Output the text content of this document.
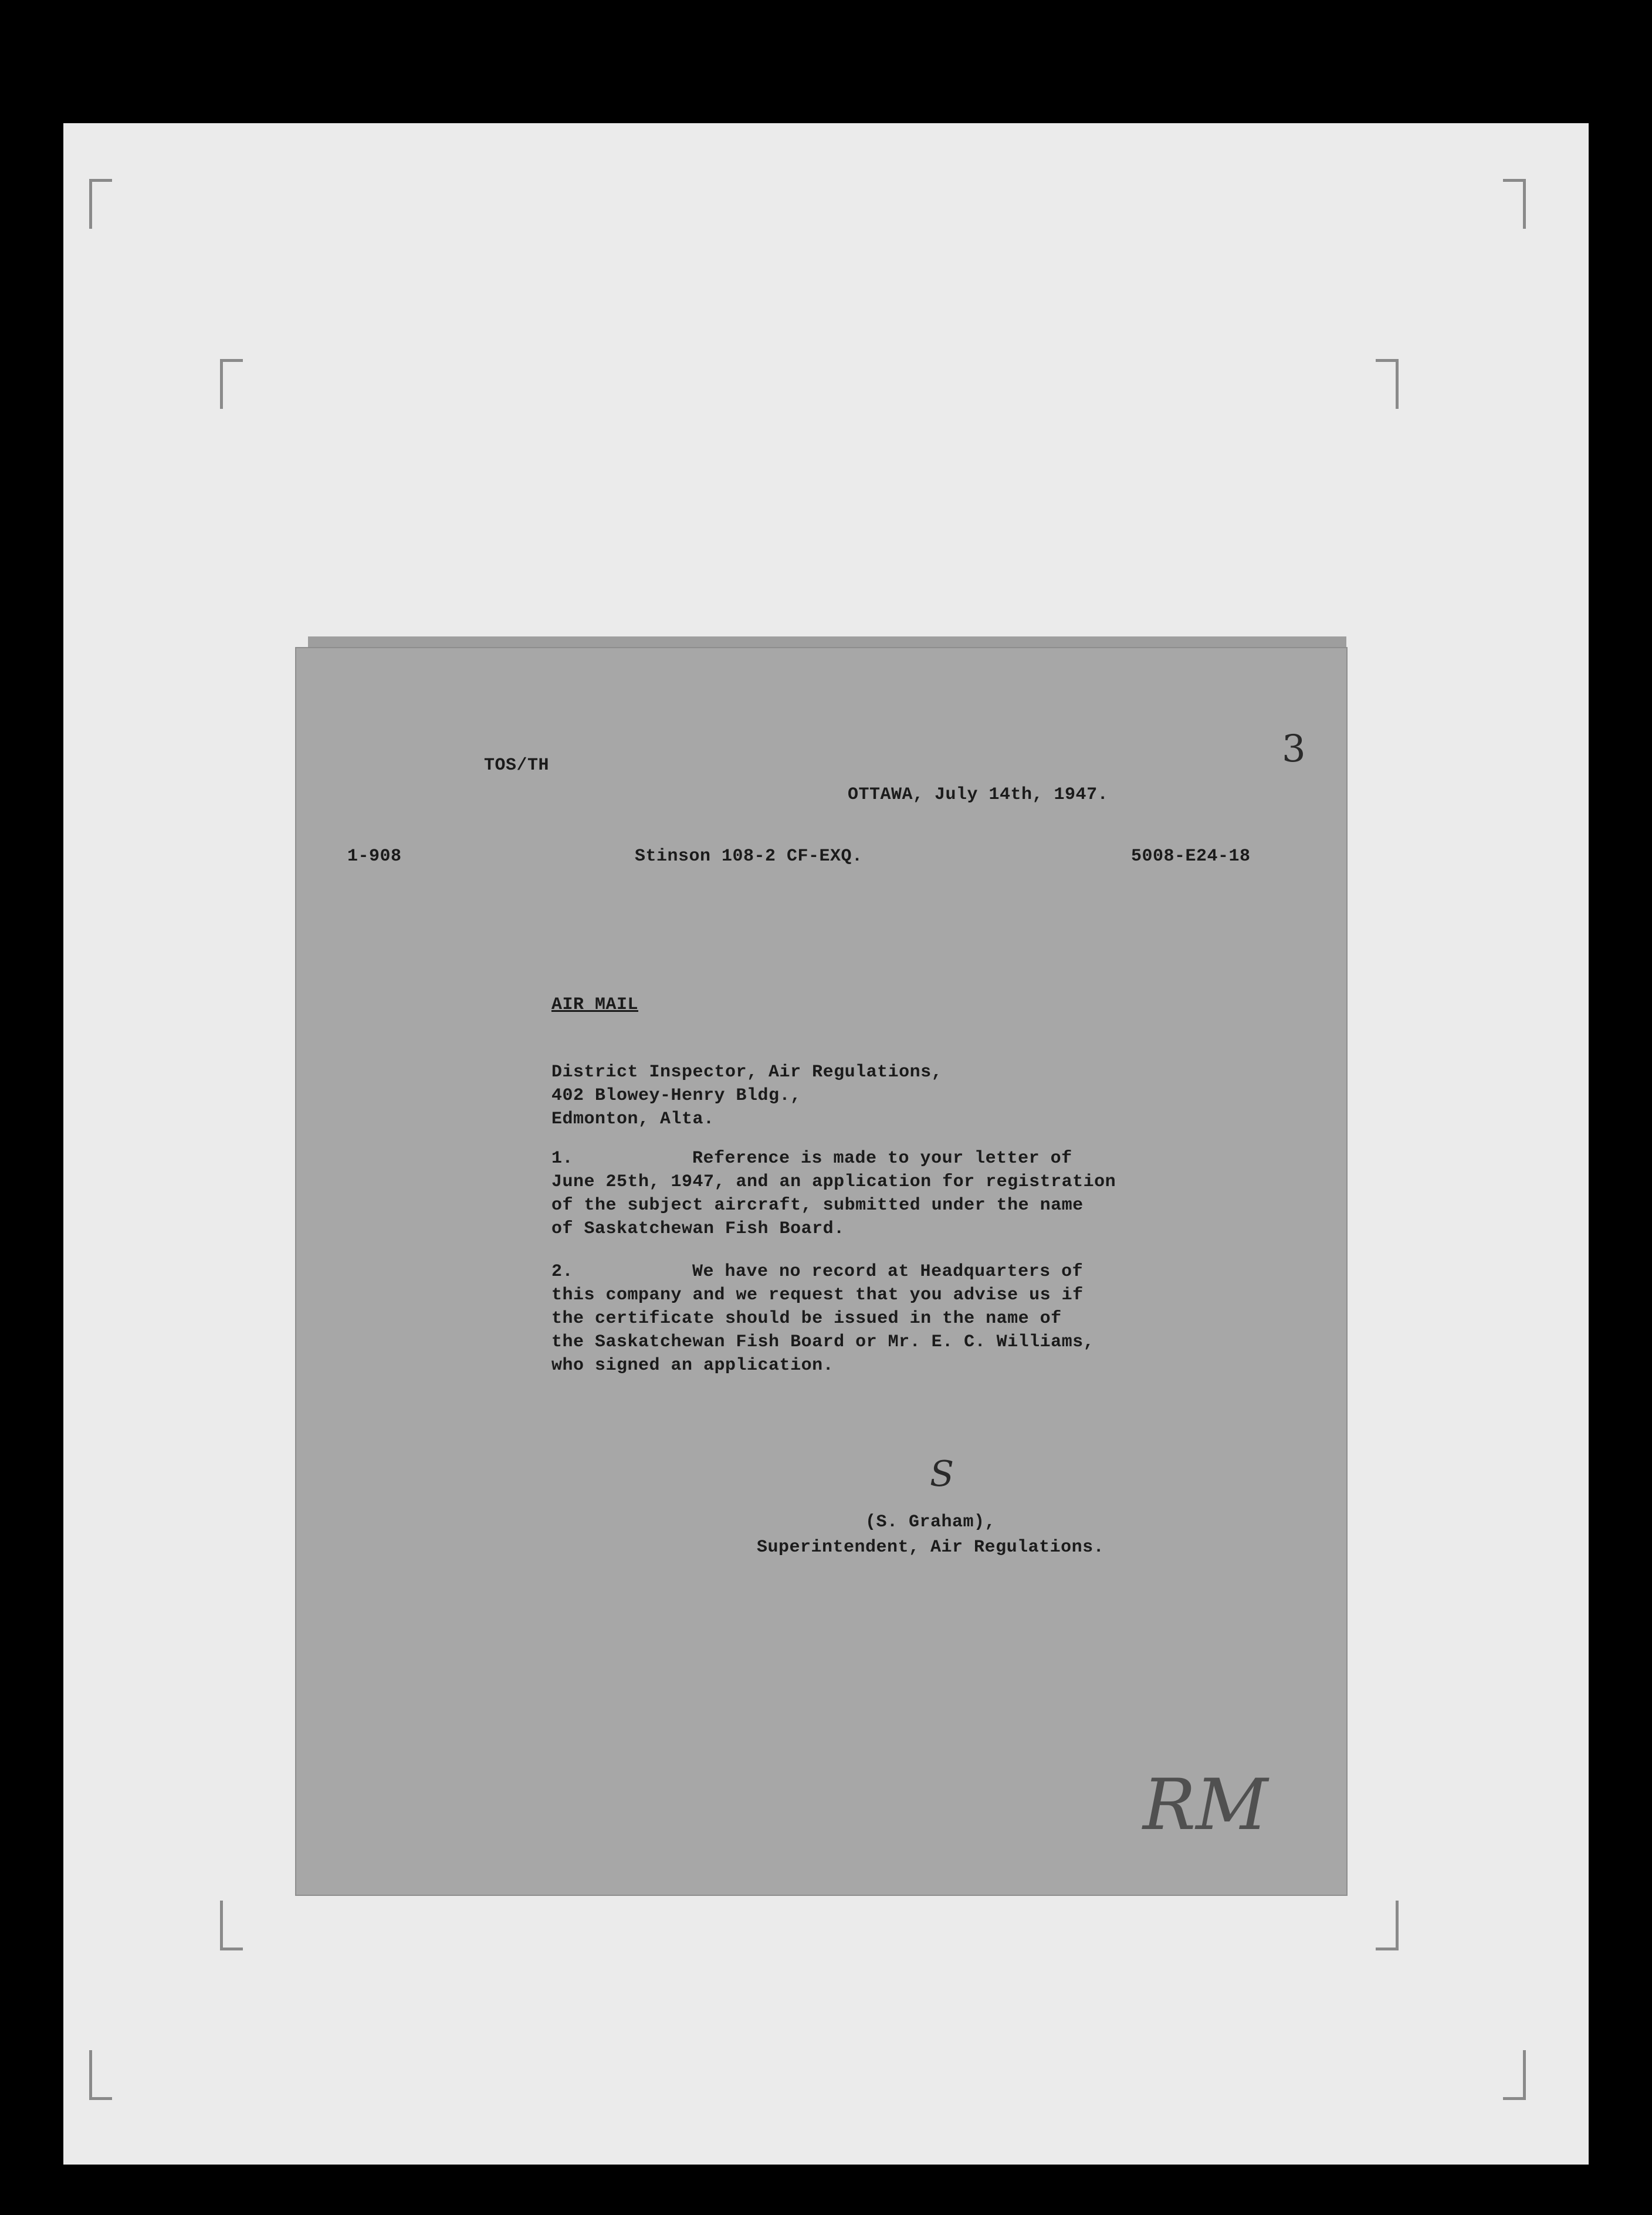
TOS/TH
OTTAWA, July 14th, 1947.
3
1-908	Stinson 108-2 CF-EXQ.	5008-E24-18
AIR MAIL
District Inspector, Air Regulations,
402 Blowey-Henry Bldg.,
Edmonton, Alta.
1.	Reference is made to your letter of
June 25th, 1947, and an application for registration
of the subject aircraft, submitted under the name
of Saskatchewan Fish Board.
2.	We have no record at Headquarters of
this company and we request that you advise us if
the certificate should be issued in the name of
the Saskatchewan Fish Board or Mr. E. C. Williams,
who signed an application.
S
(S. Graham),
Superintendent, Air Regulations.
RM
